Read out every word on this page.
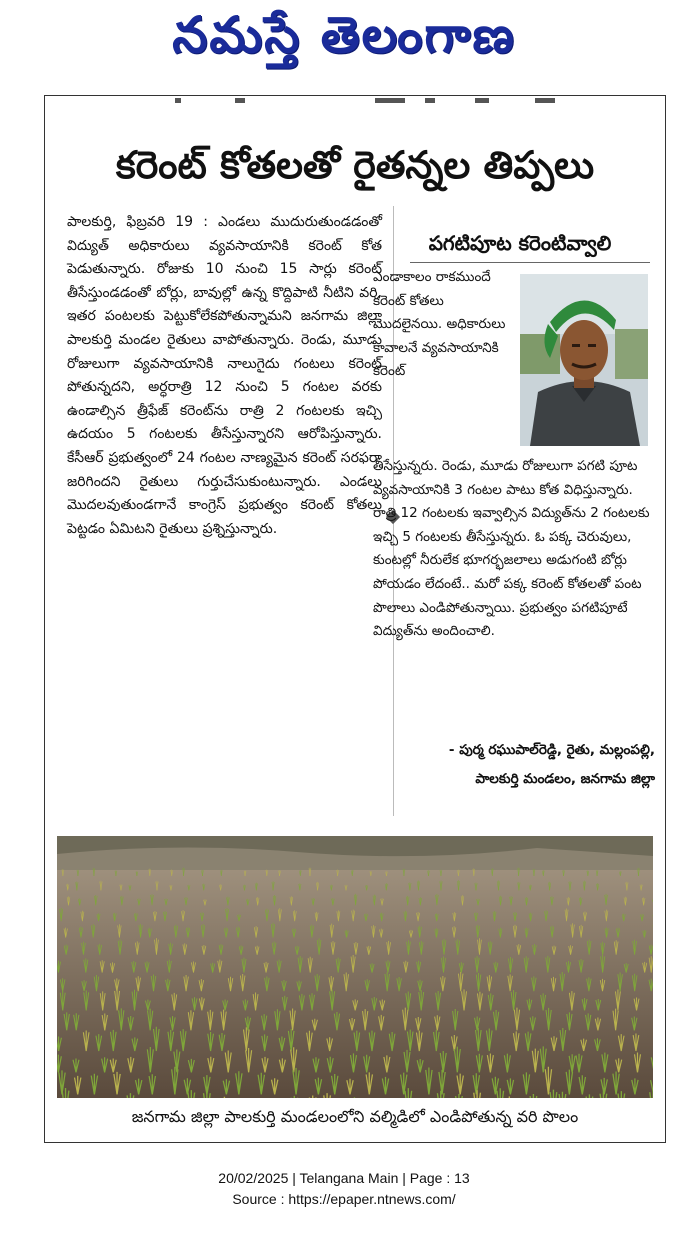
నమస్తే తెలంగాణ
కరెంట్ కోతలతో రైతన్నల తిప్పలు
పాలకుర్తి, ఫిబ్రవరి 19 : ఎండలు ముదురుతుండడంతో విద్యుత్ అధికారులు వ్యవసాయానికి కరెంట్ కోత పెడుతున్నారు. రోజుకు 10 నుంచి 15 సార్లు కరెంట్ తీసేస్తుండడంతో బోర్లు, బావుల్లో ఉన్న కొద్దిపాటి నీటిని వరి, ఇతర పంటలకు పెట్టుకోలేకపోతున్నామని జనగామ జిల్లా పాలకుర్తి మండల రైతులు వాపోతున్నారు. రెండు, మూడు రోజులుగా వ్యవసాయానికి నాలుగైదు గంటలు కరెంట్ పోతున్నదని, అర్ధరాత్రి 12 నుంచి 5 గంటల వరకు ఉండాల్సిన త్రీఫేజ్ కరెంట్‌ను రాత్రి 2 గంటలకు ఇచ్చి ఉదయం 5 గంటలకు తీసేస్తున్నారని ఆరోపిస్తున్నారు. కేసీఆర్ ప్రభుత్వంలో 24 గంటల నాణ్యమైన కరెంట్ సరఫరా జరిగిందని రైతులు గుర్తుచేసుకుంటున్నారు. ఎండలు మొదలవుతుండగానే కాంగ్రెస్ ప్రభుత్వం కరెంట్ కోతలు పెట్టడం ఏమిటని రైతులు ప్రశ్నిస్తున్నారు.
పగటిపూట కరెంటివ్వాలి
ఎండాకాలం రాకముందే కరెంట్ కోతలు మొదలైనయి. అధికారులు కావాలనే వ్యవసాయానికి కరెంట్
తీసేస్తున్నరు. రెండు, మూడు రోజులుగా పగటి పూట వ్యవసాయానికి 3 గంటల పాటు కోత విధిస్తున్నారు. రాత్రి 12 గంటలకు ఇవ్వాల్సిన విద్యుత్‌ను 2 గంటలకు ఇచ్చి 5 గంటలకు తీసేస్తున్నరు. ఓ పక్క చెరువులు, కుంటల్లో నీరులేక భూగర్భజలాలు అడుగంటి బోర్లు పోయడం లేదంటే.. మరో పక్క కరెంట్ కోతలతో పంట పొలాలు ఎండిపోతున్నాయి. ప్రభుత్వం పగటిపూటే విద్యుత్‌ను అందించాలి.
- పుర్మ రఘుపాల్‌రెడ్డి, రైతు, మల్లంపల్లి,
పాలకుర్తి మండలం, జనగామ జిల్లా
జనగామ జిల్లా పాలకుర్తి మండలంలోని వల్మిడిలో ఎండిపోతున్న వరి పొలం
20/02/2025 | Telangana Main | Page : 13
Source : https://epaper.ntnews.com/
